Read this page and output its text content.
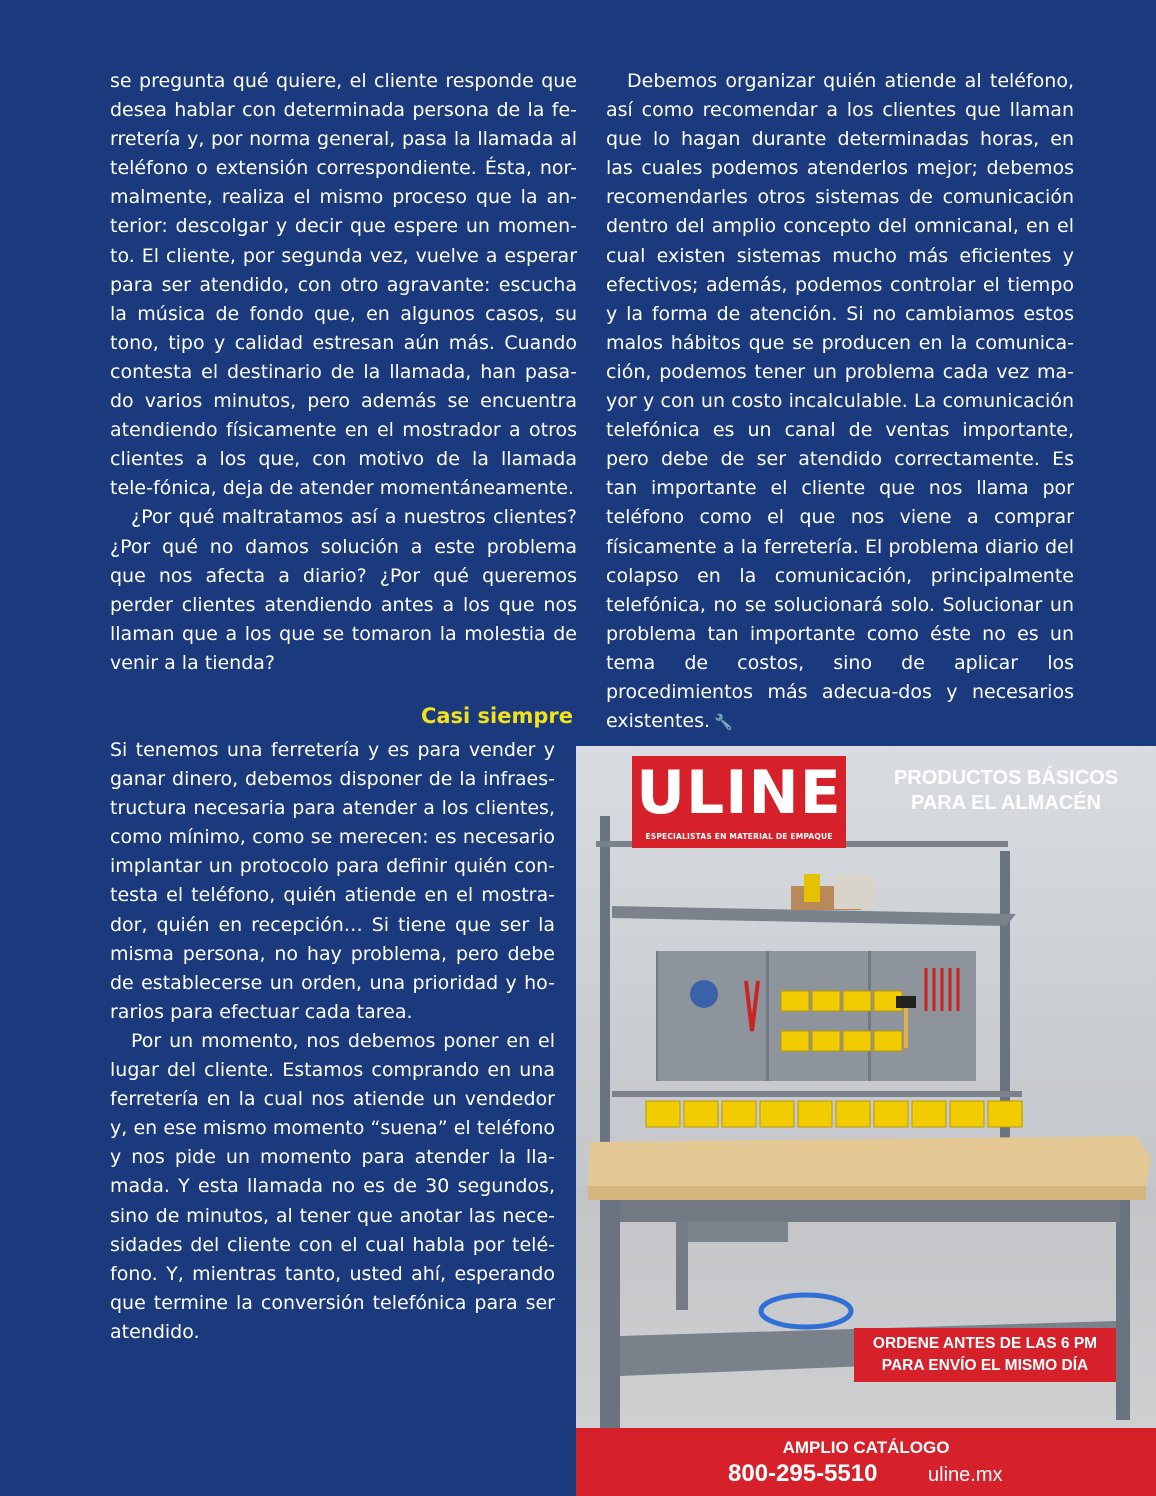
se pregunta qué quiere, el cliente responde que desea hablar con determinada persona de la fe-rretería y, por norma general, pasa la llamada al teléfono o extensión correspondiente. Ésta, nor-malmente, realiza el mismo proceso que la an-terior: descolgar y decir que espere un momen-to. El cliente, por segunda vez, vuelve a esperar para ser atendido, con otro agravante: escucha la música de fondo que, en algunos casos, su tono, tipo y calidad estresan aún más. Cuando contesta el destinario de la llamada, han pasa-do varios minutos, pero además se encuentra atendiendo físicamente en el mostrador a otros clientes a los que, con motivo de la llamada tele-fónica, deja de atender momentáneamente.

¿Por qué maltratamos así a nuestros clientes? ¿Por qué no damos solución a este problema que nos afecta a diario? ¿Por qué queremos perder clientes atendiendo antes a los que nos llaman que a los que se tomaron la molestia de venir a la tienda?

Casi siempre

Si tenemos una ferretería y es para vender y ganar dinero, debemos disponer de la infraes-tructura necesaria para atender a los clientes, como mínimo, como se merecen: es necesario implantar un protocolo para definir quién con-testa el teléfono, quién atiende en el mostra-dor, quién en recepción… Si tiene que ser la misma persona, no hay problema, pero debe de establecerse un orden, una prioridad y ho-rarios para efectuar cada tarea.

Por un momento, nos debemos poner en el lugar del cliente. Estamos comprando en una ferretería en la cual nos atiende un vendedor y, en ese mismo momento “suena” el teléfono y nos pide un momento para atender la lla-mada. Y esta llamada no es de 30 segundos, sino de minutos, al tener que anotar las nece-sidades del cliente con el cual habla por telé-fono. Y, mientras tanto, usted ahí, esperando que termine la conversión telefónica para ser atendido.

Debemos organizar quién atiende al teléfono, así como recomendar a los clientes que llaman que lo hagan durante determinadas horas, en las cuales podemos atenderlos mejor; debemos recomendarles otros sistemas de comunicación dentro del amplio concepto del omnicanal, en el cual existen sistemas mucho más eficientes y efectivos; además, podemos controlar el tiempo y la forma de atención. Si no cambiamos estos malos hábitos que se producen en la comunica-ción, podemos tener un problema cada vez ma-yor y con un costo incalculable. La comunicación telefónica es un canal de ventas importante, pero debe de ser atendido correctamente. Es tan importante el cliente que nos llama por teléfono como el que nos viene a comprar físicamente a la ferretería. El problema diario del colapso en la comunicación, principalmente telefónica, no se solucionará solo. Solucionar un problema tan importante como éste no es un tema de costos, sino de aplicar los procedimientos más adecua-dos y necesarios existentes. 🔧

ULINE
ESPECIALISTAS EN MATERIAL DE EMPAQUE
PRODUCTOS BÁSICOS
PARA EL ALMACÉN
ORDENE ANTES DE LAS 6 PM
PARA ENVÍO EL MISMO DÍA
AMPLIO CATÁLOGO
800-295-5510	uline.mx
